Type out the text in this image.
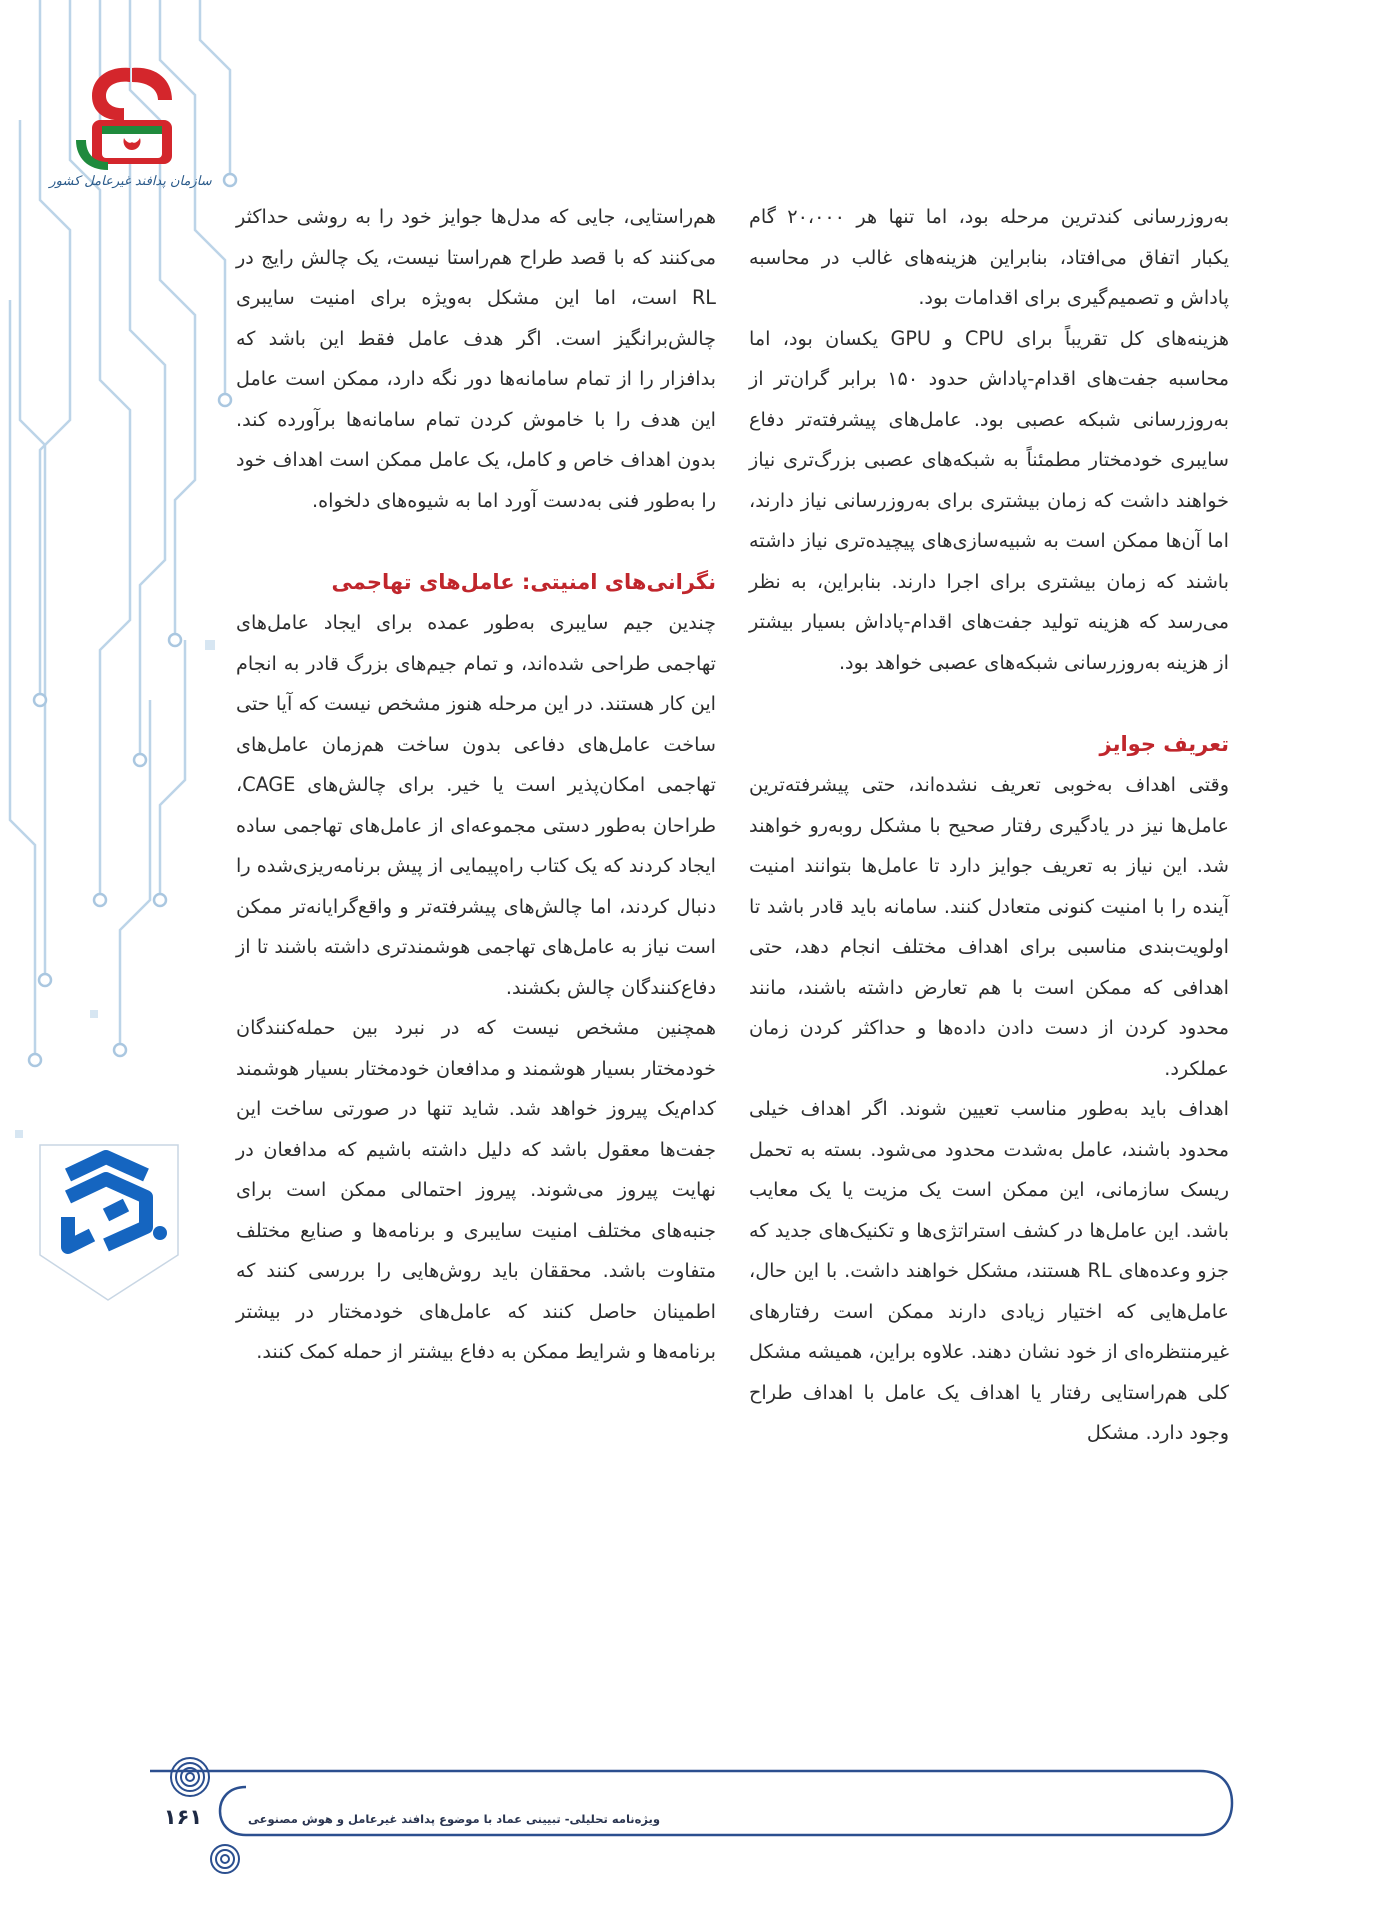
سازمان پدافند غیرعامل کشور

به‌روزرسانی کندترین مرحله بود، اما تنها هر ۲۰،۰۰۰ گام یکبار اتفاق می‌افتاد، بنابراین هزینه‌های غالب در محاسبه پاداش و تصمیم‌گیری برای اقدامات بود.

هزینه‌های کل تقریباً برای CPU و GPU یکسان بود، اما محاسبه جفت‌های اقدام-پاداش حدود ۱۵۰ برابر گران‌تر از به‌روزرسانی شبکه عصبی بود. عامل‌های پیشرفته‌تر دفاع سایبری خودمختار مطمئناً به شبکه‌های عصبی بزرگ‌تری نیاز خواهند داشت که زمان بیشتری برای به‌روزرسانی نیاز دارند، اما آن‌ها ممکن است به شبیه‌سازی‌های پیچیده‌تری نیاز داشته باشند که زمان بیشتری برای اجرا دارند. بنابراین، به نظر می‌رسد که هزینه تولید جفت‌های اقدام-پاداش بسیار بیشتر از هزینه به‌روزرسانی شبکه‌های عصبی خواهد بود.

تعریف جوایز

وقتی اهداف به‌خوبی تعریف نشده‌اند، حتی پیشرفته‌ترین عامل‌ها نیز در یادگیری رفتار صحیح با مشکل روبه‌رو خواهند شد. این نیاز به تعریف جوایز دارد تا عامل‌ها بتوانند امنیت آینده را با امنیت کنونی متعادل کنند. سامانه باید قادر باشد تا اولویت‌بندی مناسبی برای اهداف مختلف انجام دهد، حتی اهدافی که ممکن است با هم تعارض داشته باشند، مانند محدود کردن از دست دادن داده‌ها و حداکثر کردن زمان عملکرد.

اهداف باید به‌طور مناسب تعیین شوند. اگر اهداف خیلی محدود باشند، عامل به‌شدت محدود می‌شود. بسته به تحمل ریسک سازمانی، این ممکن است یک مزیت یا یک معایب باشد. این عامل‌ها در کشف استراتژی‌ها و تکنیک‌های جدید که جزو وعده‌های RL هستند، مشکل خواهند داشت. با این حال، عامل‌هایی که اختیار زیادی دارند ممکن است رفتارهای غیرمنتظره‌ای از خود نشان دهند. علاوه براین، همیشه مشکل کلی هم‌راستایی رفتار یا اهداف یک عامل با اهداف طراح وجود دارد. مشکل

هم‌راستایی، جایی که مدل‌ها جوایز خود را به روشی حداکثر می‌کنند که با قصد طراح هم‌راستا نیست، یک چالش رایج در RL است، اما این مشکل به‌ویژه برای امنیت سایبری چالش‌برانگیز است. اگر هدف عامل فقط این باشد که بدافزار را از تمام سامانه‌ها دور نگه دارد، ممکن است عامل این هدف را با خاموش کردن تمام سامانه‌ها برآورده کند. بدون اهداف خاص و کامل، یک عامل ممکن است اهداف خود را به‌طور فنی به‌دست آورد اما به شیوه‌های دلخواه.

نگرانی‌های امنیتی: عامل‌های تهاجمی

چندین جیم سایبری به‌طور عمده برای ایجاد عامل‌های تهاجمی طراحی شده‌اند، و تمام جیم‌های بزرگ قادر به انجام این کار هستند. در این مرحله هنوز مشخص نیست که آیا حتی ساخت عامل‌های دفاعی بدون ساخت هم‌زمان عامل‌های تهاجمی امکان‌پذیر است یا خیر. برای چالش‌های CAGE، طراحان به‌طور دستی مجموعه‌ای از عامل‌های تهاجمی ساده ایجاد کردند که یک کتاب راه‌پیمایی از پیش برنامه‌ریزی‌شده را دنبال کردند، اما چالش‌های پیشرفته‌تر و واقع‌گرایانه‌تر ممکن است نیاز به عامل‌های تهاجمی هوشمندتری داشته باشند تا از دفاع‌کنندگان چالش بکشند.

همچنین مشخص نیست که در نبرد بین حمله‌کنندگان خودمختار بسیار هوشمند و مدافعان خودمختار بسیار هوشمند کدام‌یک پیروز خواهد شد. شاید تنها در صورتی ساخت این جفت‌ها معقول باشد که دلیل داشته باشیم که مدافعان در نهایت پیروز می‌شوند. پیروز احتمالی ممکن است برای جنبه‌های مختلف امنیت سایبری و برنامه‌ها و صنایع مختلف متفاوت باشد. محققان باید روش‌هایی را بررسی کنند که اطمینان حاصل کنند که عامل‌های خودمختار در بیشتر برنامه‌ها و شرایط ممکن به دفاع بیشتر از حمله کمک کنند.

ویژه‌نامه تحلیلی- تبیینی عماد با موضوع پدافند غیرعامل و هوش مصنوعی
۱۶۱
